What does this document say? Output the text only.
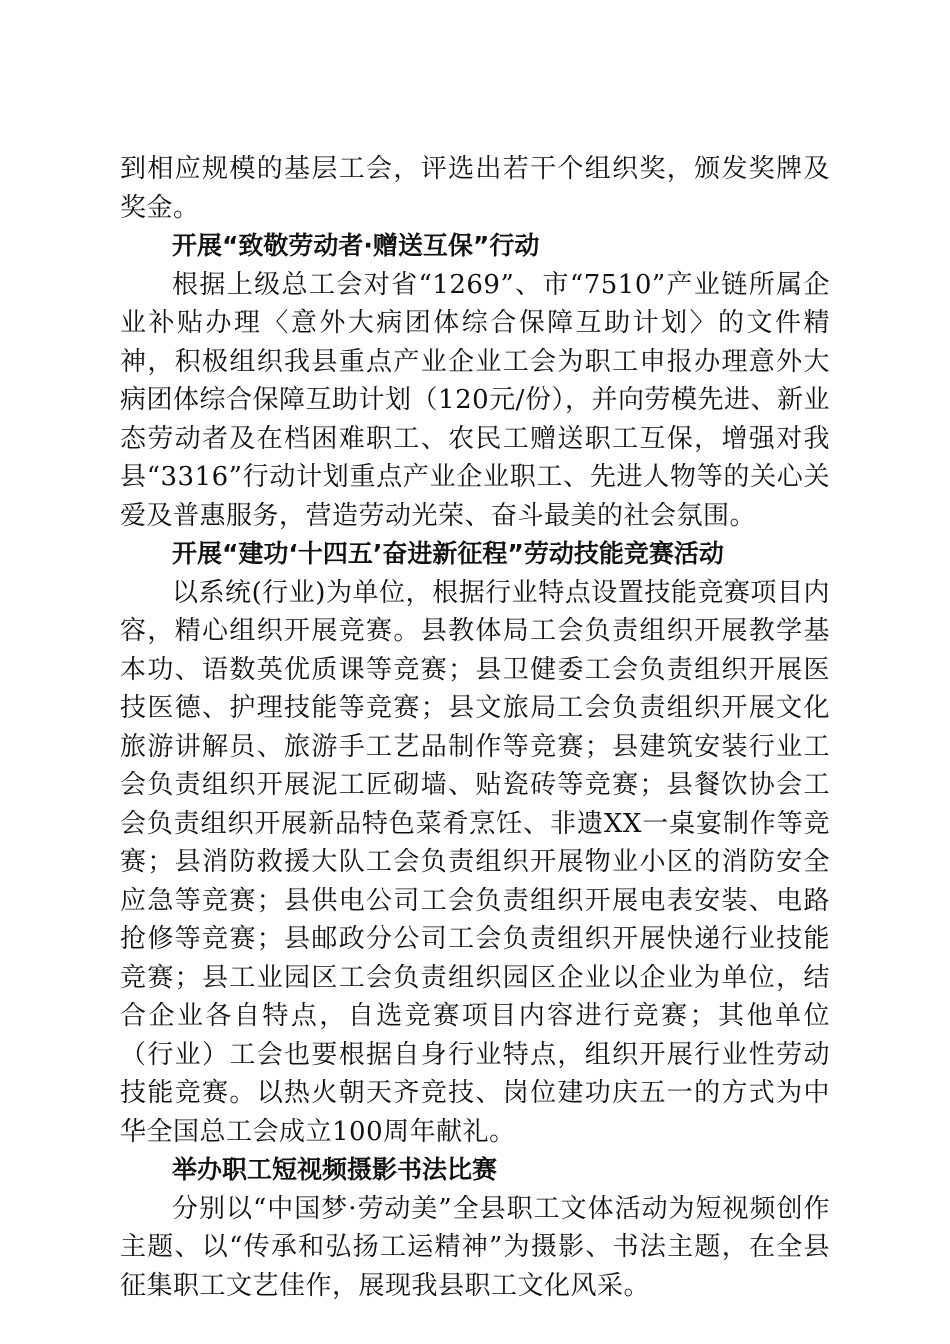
到相应规模的基层工会，评选出若干个组织奖，颁发奖牌及奖金。

开展“致敬劳动者·赠送互保”行动

根据上级总工会对省“1269”、市“7510”产业链所属企业补贴办理〈意外大病团体综合保障互助计划〉的文件精神，积极组织我县重点产业企业工会为职工申报办理意外大病团体综合保障互助计划（120元/份），并向劳模先进、新业态劳动者及在档困难职工、农民工赠送职工互保，增强对我县“3316”行动计划重点产业企业职工、先进人物等的关心关爱及普惠服务，营造劳动光荣、奋斗最美的社会氛围。

开展“建功‘十四五’奋进新征程”劳动技能竞赛活动

以系统(行业)为单位，根据行业特点设置技能竞赛项目内容，精心组织开展竞赛。县教体局工会负责组织开展教学基本功、语数英优质课等竞赛；县卫健委工会负责组织开展医技医德、护理技能等竞赛；县文旅局工会负责组织开展文化旅游讲解员、旅游手工艺品制作等竞赛；县建筑安装行业工会负责组织开展泥工匠砌墙、贴瓷砖等竞赛；县餐饮协会工会负责组织开展新品特色菜肴烹饪、非遗XX一桌宴制作等竞赛；县消防救援大队工会负责组织开展物业小区的消防安全应急等竞赛；县供电公司工会负责组织开展电表安装、电路抢修等竞赛；县邮政分公司工会负责组织开展快递行业技能竞赛；县工业园区工会负责组织园区企业以企业为单位，结合企业各自特点，自选竞赛项目内容进行竞赛；其他单位（行业）工会也要根据自身行业特点，组织开展行业性劳动技能竞赛。以热火朝天齐竞技、岗位建功庆五一的方式为中华全国总工会成立100周年献礼。

举办职工短视频摄影书法比赛

分别以“中国梦·劳动美”全县职工文体活动为短视频创作主题、以“传承和弘扬工运精神”为摄影、书法主题，在全县征集职工文艺佳作，展现我县职工文化风采。
